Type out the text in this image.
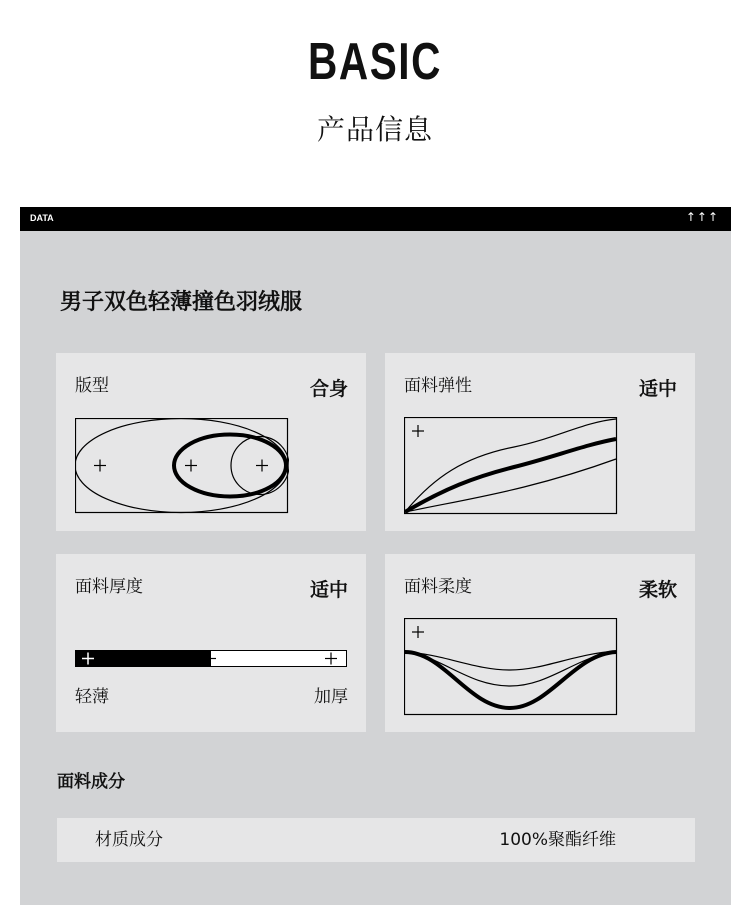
BASIC
产品信息
DATA	↑↑↑
男子双色轻薄撞色羽绒服
版型	合身	面料弹性	适中
面料厚度	适中
轻薄	加厚
面料柔度	柔软
面料成分
材质成分	100%聚酯纤维
